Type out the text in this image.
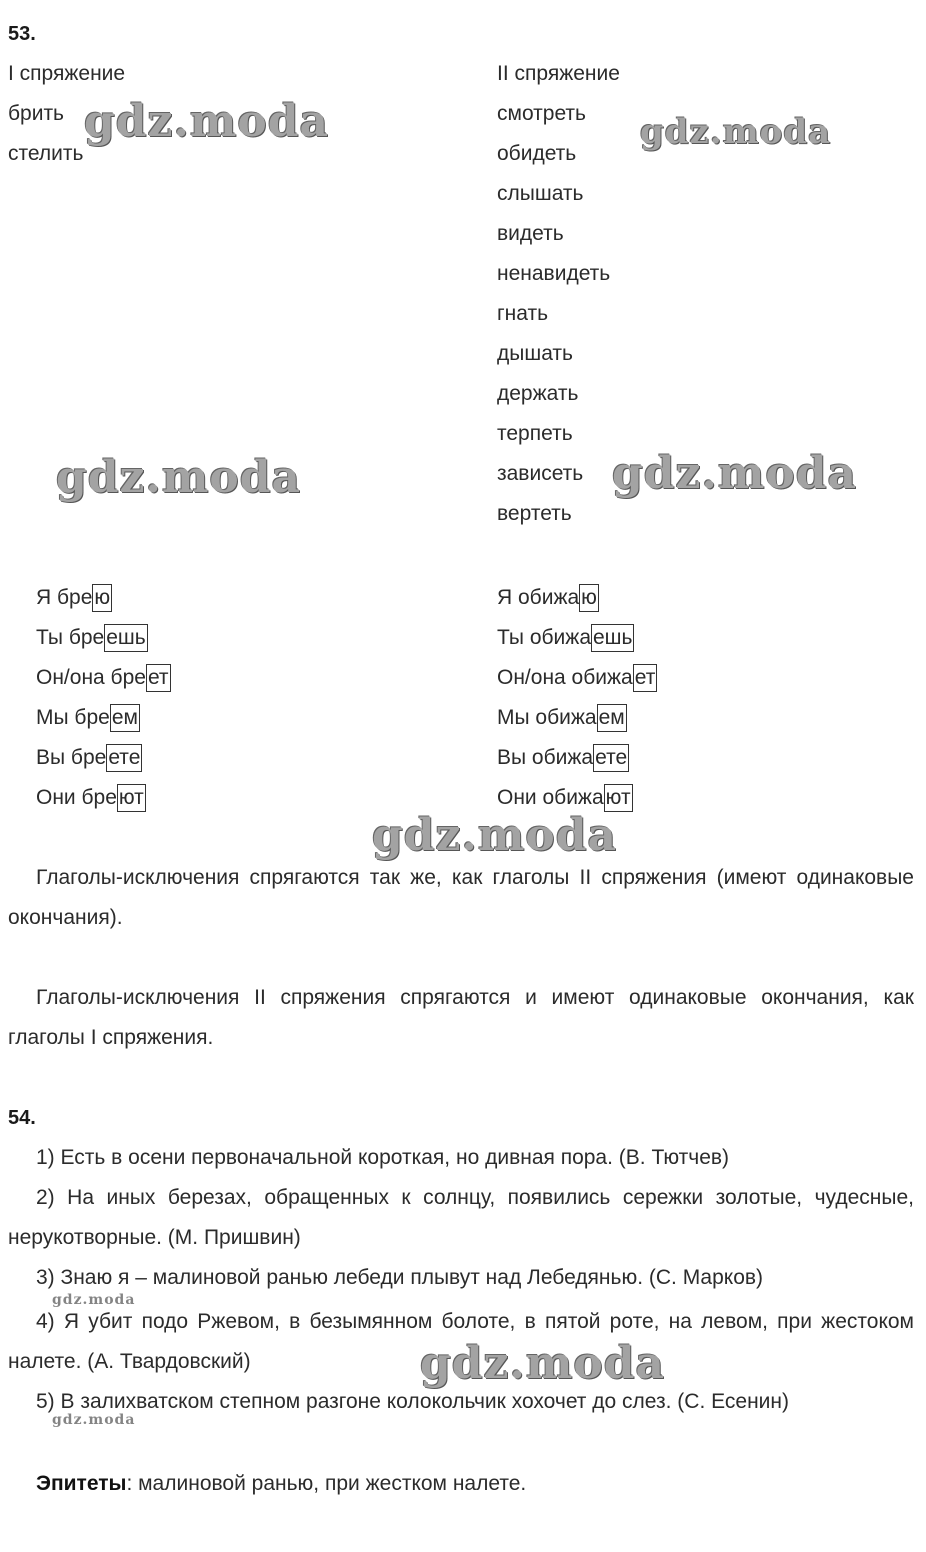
gdz.moda	gdz.moda
gdz.moda	gdz.moda
gdz.moda
gdz.moda
gdz.moda
gdz.moda
53.
I спряжение
брить
стелить
II спряжение
смотреть
обидеть
слышать
видеть
ненавидеть
гнать
дышать
держать
терпеть
зависеть
вертеть
Я брею
Ты бреешь
Он/она бреет
Мы бреем
Вы бреете
Они бреют
Я обижаю
Ты обижаешь
Он/она обижает
Мы обижаем
Вы обижаете
Они обижают
Глаголы-исключения спрягаются так же, как глаголы II спряжения (имеют одинаковые окончания).
Глаголы-исключения II спряжения спрягаются и имеют одинаковые окончания, как глаголы I спряжения.
54.
1) Есть в осени первоначальной короткая, но дивная пора. (В. Тютчев)
2) На иных березах, обращенных к солнцу, появились сережки золотые, чудесные, нерукотворные. (М. Пришвин)
3) Знаю я – малиновой ранью лебеди плывут над Лебедянью. (С. Марков)
4) Я убит подо Ржевом, в безымянном болоте, в пятой роте, на левом, при жестоком налете. (А. Твардовский)
5) В залихватском степном разгоне колокольчик хохочет до слез. (С. Есенин)
Эпитеты: малиновой ранью, при жестком налете.
